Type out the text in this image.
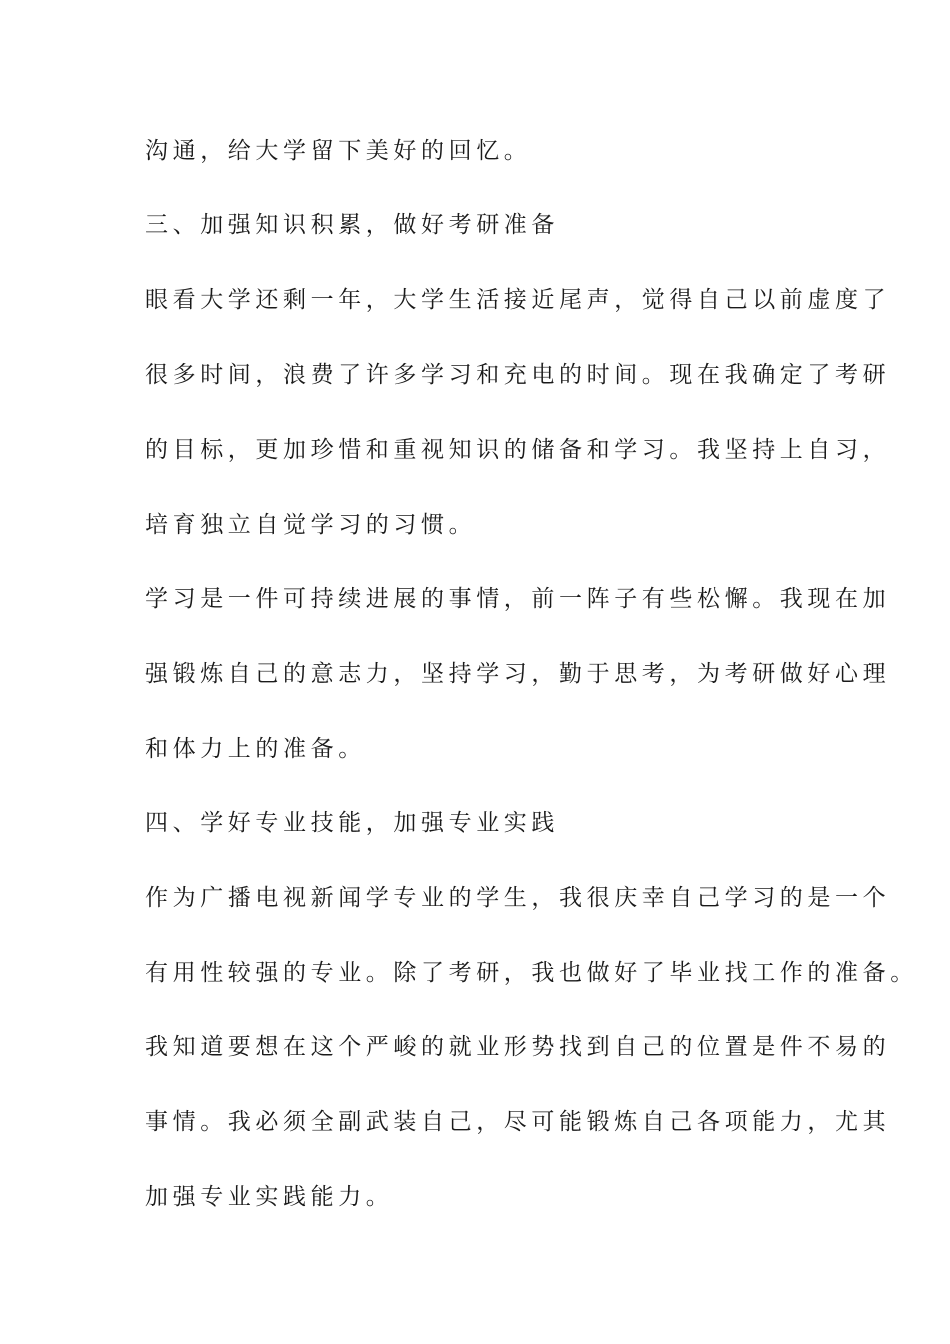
沟通，给大学留下美好的回忆。
三、加强知识积累，做好考研准备
眼看大学还剩一年，大学生活接近尾声，觉得自己以前虚度了
很多时间，浪费了许多学习和充电的时间。现在我确定了考研
的目标，更加珍惜和重视知识的储备和学习。我坚持上自习，
培育独立自觉学习的习惯。
学习是一件可持续进展的事情，前一阵子有些松懈。我现在加
强锻炼自己的意志力，坚持学习，勤于思考，为考研做好心理
和体力上的准备。
四、学好专业技能，加强专业实践
作为广播电视新闻学专业的学生，我很庆幸自己学习的是一个
有用性较强的专业。除了考研，我也做好了毕业找工作的准备。
我知道要想在这个严峻的就业形势找到自己的位置是件不易的
事情。我必须全副武装自己，尽可能锻炼自己各项能力，尤其
加强专业实践能力。
